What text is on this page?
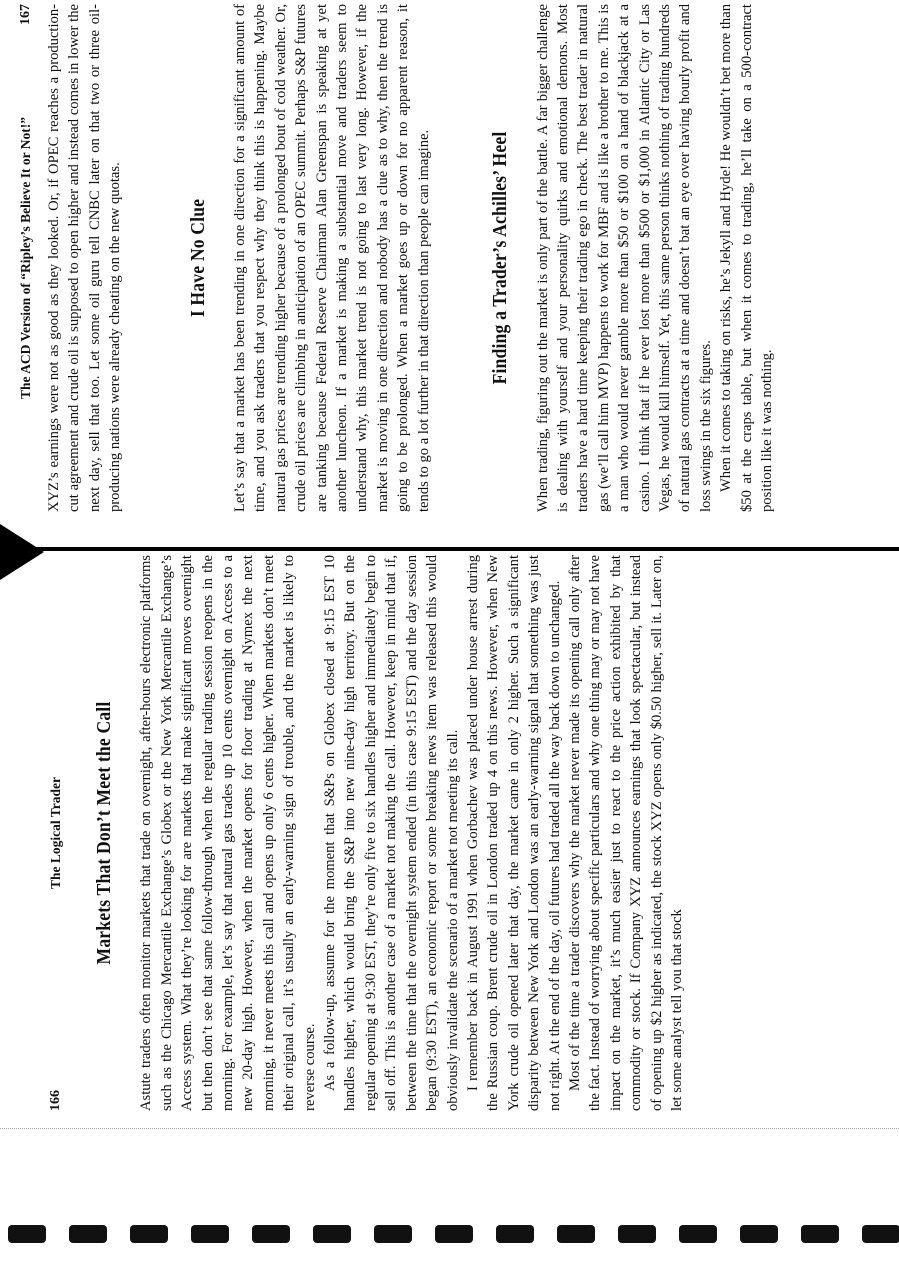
166
The Logical Trader Markets That Don’t Meet the Call Astute traders often monitor markets that trade on overnight, after-hours electronic platforms such as the Chicago Mercantile Exchange’s Globex or the New York Mercantile Exchange’s Access system. What they’re looking for are markets that make significant moves overnight but then don’t see that same follow-through when the regular trading session reopens in the morning. For example, let’s say that natural gas trades up 10 cents overnight on Access to a new 20-day high. However, when the market opens for floor trading at Nymex the next morning, it never meets this call and opens up only 6 cents higher. When markets don’t meet their original call, it’s usually an early-warning sign of trouble, and the market is likely to reverse course. As a follow-up, assume for the moment that S&Ps on Globex closed at 9:15 EST 10 handles higher, which would bring the S&P into new nine-day high territory. But on the regular opening at 9:30 EST, they’re only five to six handles higher and immediately begin to sell off. This is another case of a market not making the call. However, keep in mind that if, between the time that the overnight system ended (in this case 9:15 EST) and the day session began (9:30 EST), an economic report or some breaking news item was released this would obviously invalidate the scenario of a market not meeting its call. I remember back in August 1991 when Gorbachev was placed under house arrest during the Russian coup. Brent crude oil in London traded up 4 on this news. However, when New York crude oil opened later that day, the market came in only 2 higher. Such a significant disparity between New York and London was an early-warning signal that something was just not right. At the end of the day, oil futures had traded all the way back down to unchanged. Most of the time a trader discovers why the market never made its opening call only after the fact. Instead of worrying about specific particulars and why one thing may or may not have impact on the market, it’s much easier just to react to the price action exhibited by that commodity or stock. If Company XYZ announces earnings that look spectacular, but instead of opening up $2 higher as indicated, the stock XYZ opens only $0.50 higher, sell it. Later on, let some analyst tell you that stock

The ACD Version of “Ripley’s Believe It or Not!”
167 XYZ’s earnings were not as good as they looked. Or, if OPEC reaches a production-cut agreement and crude oil is supposed to open higher and instead comes in lower the next day, sell that too. Let some oil guru tell CNBC later on that two or three oil-producing nations were already cheating on the new quotas.	I Have No Clue Let’s say that a market has been trending in one direction for a significant amount of time, and you ask traders that you respect why they think this is happening. Maybe natural gas prices are trending higher because of a prolonged bout of cold weather. Or, crude oil prices are climbing in anticipation of an OPEC summit. Perhaps S&P futures are tanking because Federal Reserve Chairman Alan Greenspan is speaking at yet another luncheon. If a market is making a substantial move and traders seem to understand why, this market trend is not going to last very long. However, if the market is moving in one direction and nobody has a clue as to why, then the trend is going to be prolonged. When a market goes up or down for no apparent reason, it tends to go a lot further in that direction than people can imagine.	Finding a Trader’s Achilles’ Heel When trading, figuring out the market is only part of the battle. A far bigger challenge is dealing with yourself and your personality quirks and emotional demons. Most traders have a hard time keeping their trading ego in check. The best trader in natural gas (we’ll call him MVP) happens to work for MBF and is like a brother to me. This is a man who would never gamble more than $50 or $100 on a hand of blackjack at a casino. I think that if he ever lost more than $500 or $1,000 in Atlantic City or Las Vegas, he would kill himself. Yet, this same person thinks nothing of trading hundreds of natural gas contracts at a time and doesn’t bat an eye over having hourly profit and loss swings in the six figures. When it comes to taking on risks, he’s Jekyll and Hyde! He wouldn’t bet more than $50 at the craps table, but when it comes to trading, he’ll take on a 500-contract position like it was nothing.
